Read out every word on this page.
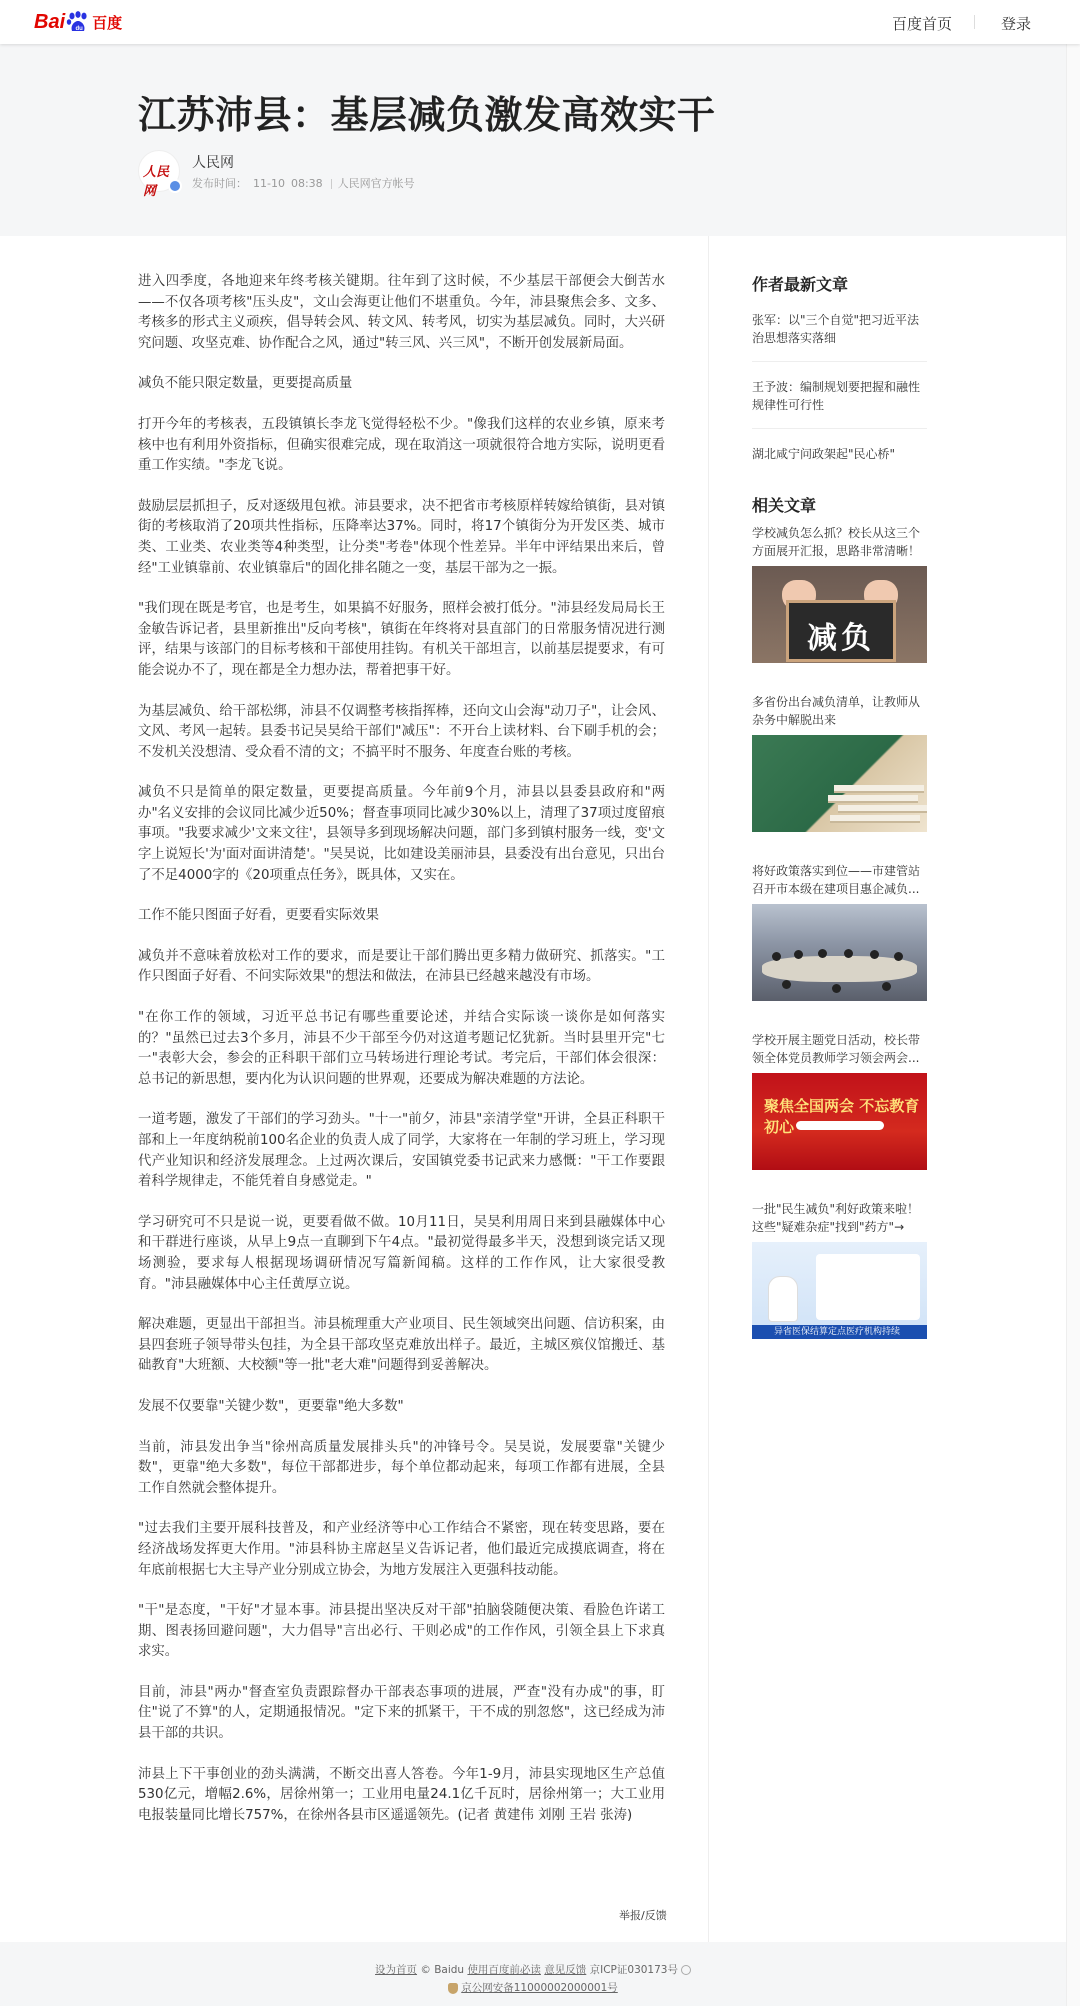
Bai du 百度	百度首页	登录
江苏沛县：基层减负激发高效实干
人民网
人民网
发布时间： 11-10 08:38 人民网官方帐号

进入四季度，各地迎来年终考核关键期。往年到了这时候，不少基层干部便会大倒苦水——不仅各项考核"压头皮"，文山会海更让他们不堪重负。今年，沛县聚焦会多、文多、考核多的形式主义顽疾，倡导转会风、转文风、转考风，切实为基层减负。同时，大兴研究问题、攻坚克难、协作配合之风，通过"转三风、兴三风"，不断开创发展新局面。

减负不能只限定数量，更要提高质量

打开今年的考核表，五段镇镇长李龙飞觉得轻松不少。"像我们这样的农业乡镇，原来考核中也有利用外资指标，但确实很难完成，现在取消这一项就很符合地方实际，说明更看重工作实绩。"李龙飞说。

鼓励层层抓担子，反对逐级甩包袱。沛县要求，决不把省市考核原样转嫁给镇街，县对镇街的考核取消了20项共性指标，压降率达37%。同时，将17个镇街分为开发区类、城市类、工业类、农业类等4种类型，让分类"考卷"体现个性差异。半年中评结果出来后，曾经"工业镇靠前、农业镇靠后"的固化排名随之一变，基层干部为之一振。

"我们现在既是考官，也是考生，如果搞不好服务，照样会被打低分。"沛县经发局局长王金敏告诉记者，县里新推出"反向考核"，镇街在年终将对县直部门的日常服务情况进行测评，结果与该部门的目标考核和干部使用挂钩。有机关干部坦言，以前基层提要求，有可能会说办不了，现在都是全力想办法，帮着把事干好。

为基层减负、给干部松绑，沛县不仅调整考核指挥棒，还向文山会海"动刀子"，让会风、文风、考风一起转。县委书记吴昊给干部们"减压"：不开台上读材料、台下刷手机的会；不发机关没想清、受众看不清的文；不搞平时不服务、年度查台账的考核。

减负不只是简单的限定数量，更要提高质量。今年前9个月，沛县以县委县政府和"两办"名义安排的会议同比减少近50%；督查事项同比减少30%以上，清理了37项过度留痕事项。"我要求减少'文来文往'，县领导多到现场解决问题，部门多到镇村服务一线，变'文字上说短长'为'面对面讲清楚'。"吴昊说，比如建设美丽沛县，县委没有出台意见，只出台了不足4000字的《20项重点任务》，既具体，又实在。

工作不能只图面子好看，更要看实际效果

减负并不意味着放松对工作的要求，而是要让干部们腾出更多精力做研究、抓落实。"工作只图面子好看、不问实际效果"的想法和做法，在沛县已经越来越没有市场。

"在你工作的领域，习近平总书记有哪些重要论述，并结合实际谈一谈你是如何落实的？"虽然已过去3个多月，沛县不少干部至今仍对这道考题记忆犹新。当时县里开完"七一"表彰大会，参会的正科职干部们立马转场进行理论考试。考完后，干部们体会很深：总书记的新思想，要内化为认识问题的世界观，还要成为解决难题的方法论。

一道考题，激发了干部们的学习劲头。"十一"前夕，沛县"亲清学堂"开讲，全县正科职干部和上一年度纳税前100名企业的负责人成了同学，大家将在一年制的学习班上，学习现代产业知识和经济发展理念。上过两次课后，安国镇党委书记武来力感慨："干工作要跟着科学规律走，不能凭着自身感觉走。"

学习研究可不只是说一说，更要看做不做。10月11日，吴昊利用周日来到县融媒体中心和干群进行座谈，从早上9点一直聊到下午4点。"最初觉得最多半天，没想到谈完话又现场测验，要求每人根据现场调研情况写篇新闻稿。这样的工作作风，让大家很受教育。"沛县融媒体中心主任黄厚立说。

解决难题，更显出干部担当。沛县梳理重大产业项目、民生领域突出问题、信访积案，由县四套班子领导带头包挂，为全县干部攻坚克难放出样子。最近，主城区殡仪馆搬迁、基础教育"大班额、大校额"等一批"老大难"问题得到妥善解决。

发展不仅要靠"关键少数"，更要靠"绝大多数"

当前，沛县发出争当"徐州高质量发展排头兵"的冲锋号令。吴昊说，发展要靠"关键少数"，更靠"绝大多数"，每位干部都进步，每个单位都动起来，每项工作都有进展，全县工作自然就会整体提升。

"过去我们主要开展科技普及，和产业经济等中心工作结合不紧密，现在转变思路，要在经济战场发挥更大作用。"沛县科协主席赵呈义告诉记者，他们最近完成摸底调查，将在年底前根据七大主导产业分别成立协会，为地方发展注入更强科技动能。

"干"是态度，"干好"才显本事。沛县提出坚决反对干部"拍脑袋随便决策、看脸色许诺工期、图表扬回避问题"，大力倡导"言出必行、干则必成"的工作作风，引领全县上下求真求实。

目前，沛县"两办"督查室负责跟踪督办干部表态事项的进展，严查"没有办成"的事，盯住"说了不算"的人，定期通报情况。"定下来的抓紧干，干不成的别忽悠"，这已经成为沛县干部的共识。

沛县上下干事创业的劲头满满，不断交出喜人答卷。今年1-9月，沛县实现地区生产总值530亿元，增幅2.6%，居徐州第一；工业用电量24.1亿千瓦时，居徐州第一；大工业用电报装量同比增长757%，在徐州各县市区遥遥领先。(记者 黄建伟 刘刚 王岩 张涛)

举报/反馈
作者最新文章
张军：以"三个自觉"把习近平法治思想落实落细
王予波：编制规划要把握和融性规律性可行性
湖北咸宁问政架起"民心桥"
相关文章
学校减负怎么抓？校长从这三个方面展开汇报，思路非常清晰！
减负
多省份出台减负清单，让教师从杂务中解脱出来
将好政策落实到位——市建管站召开市本级在建项目惠企减负...
学校开展主题党日活动，校长带领全体党员教师学习领会两会...
聚焦全国两会 不忘教育初心
一批"民生减负"利好政策来啦！这些"疑难杂症"找到"药方"→
异省医保结算定点医疗机构持续
设为首页 © Baidu 使用百度前必读 意见反馈 京ICP证030173号
京公网安备11000002000001号
